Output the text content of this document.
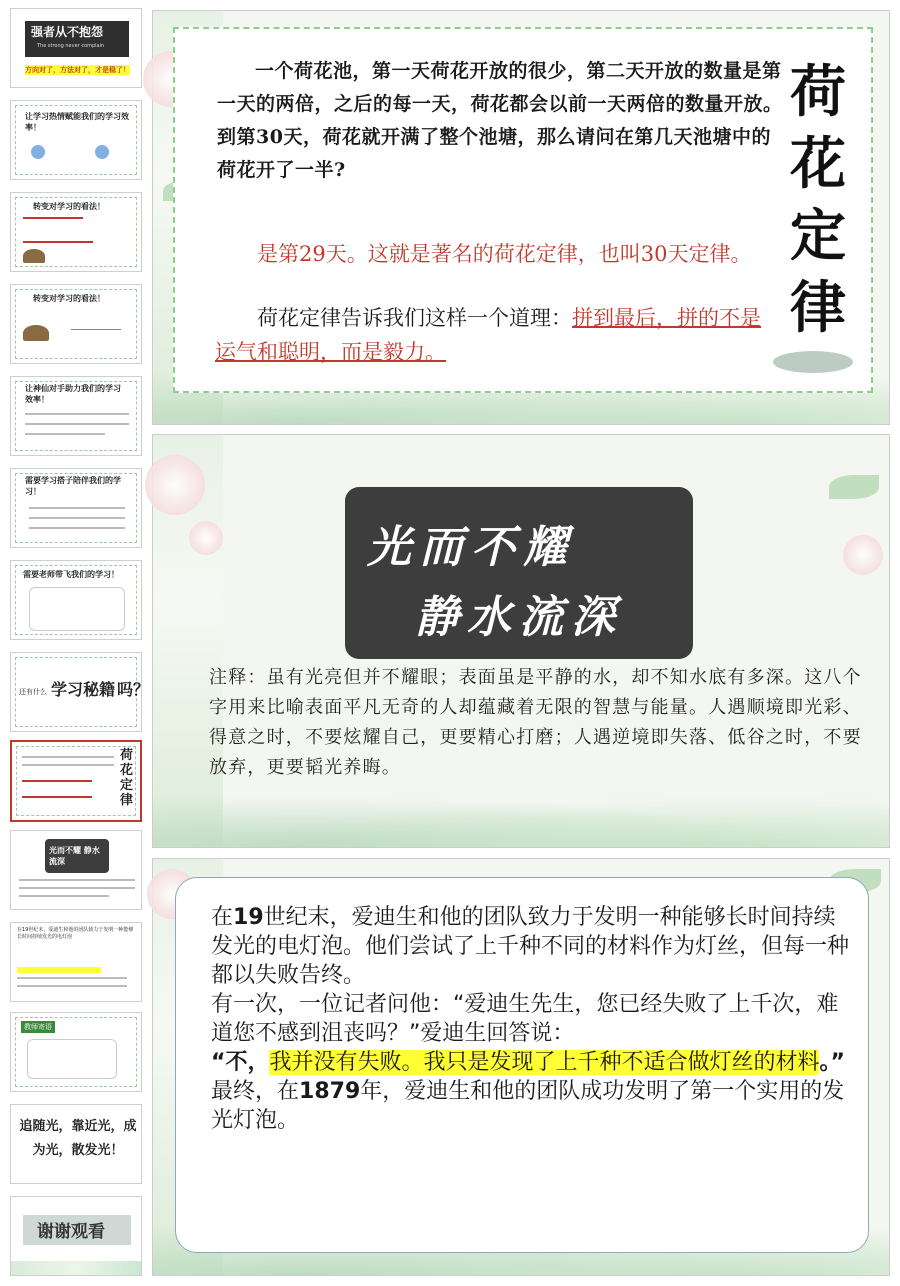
强者从不抱怨
The strong never complain
方向对了，方法对了，才是稳了！
让学习热情赋能我们的学习效率！
转变对学习的看法！
转变对学习的看法！
让神仙对手助力我们的学习效率！
需要学习搭子陪伴我们的学习！
需要老师带飞我们的学习！
还有什么 学习秘籍 吗？
荷花定律
光而不耀 静水流深
在19世纪末，爱迪生和他的团队致力于发明一种能够长时间持续发光的电灯泡
教师寄语
追随光，靠近光，成为光，散发光！
谢谢观看
一个荷花池，第一天荷花开放的很少，第二天开放的数量是第一天的两倍，之后的每一天，荷花都会以前一天两倍的数量开放。到第30天，荷花就开满了整个池塘，那么请问在第几天池塘中的荷花开了一半?
是第29天。这就是著名的荷花定律，也叫30天定律。
荷花定律告诉我们这样一个道理：拼到最后，拼的不是运气和聪明，而是毅力。
荷
花
定
律
光而不耀
静水流深
注释：虽有光亮但并不耀眼；表面虽是平静的水，却不知水底有多深。这八个字用来比喻表面平凡无奇的人却蕴藏着无限的智慧与能量。人遇顺境即光彩、得意之时，不要炫耀自己，更要精心打磨；人遇逆境即失落、低谷之时，不要放弃，更要韬光养晦。

在19世纪末，爱迪生和他的团队致力于发明一种能够长时间持续发光的电灯泡。他们尝试了上千种不同的材料作为灯丝，但每一种都以失败告终。

有一次，一位记者问他：“爱迪生先生，您已经失败了上千次，难道您不感到沮丧吗？”爱迪生回答说：

“不，我并没有失败。我只是发现了上千种不适合做灯丝的材料。”

最终，在1879年，爱迪生和他的团队成功发明了第一个实用的发光灯泡。
